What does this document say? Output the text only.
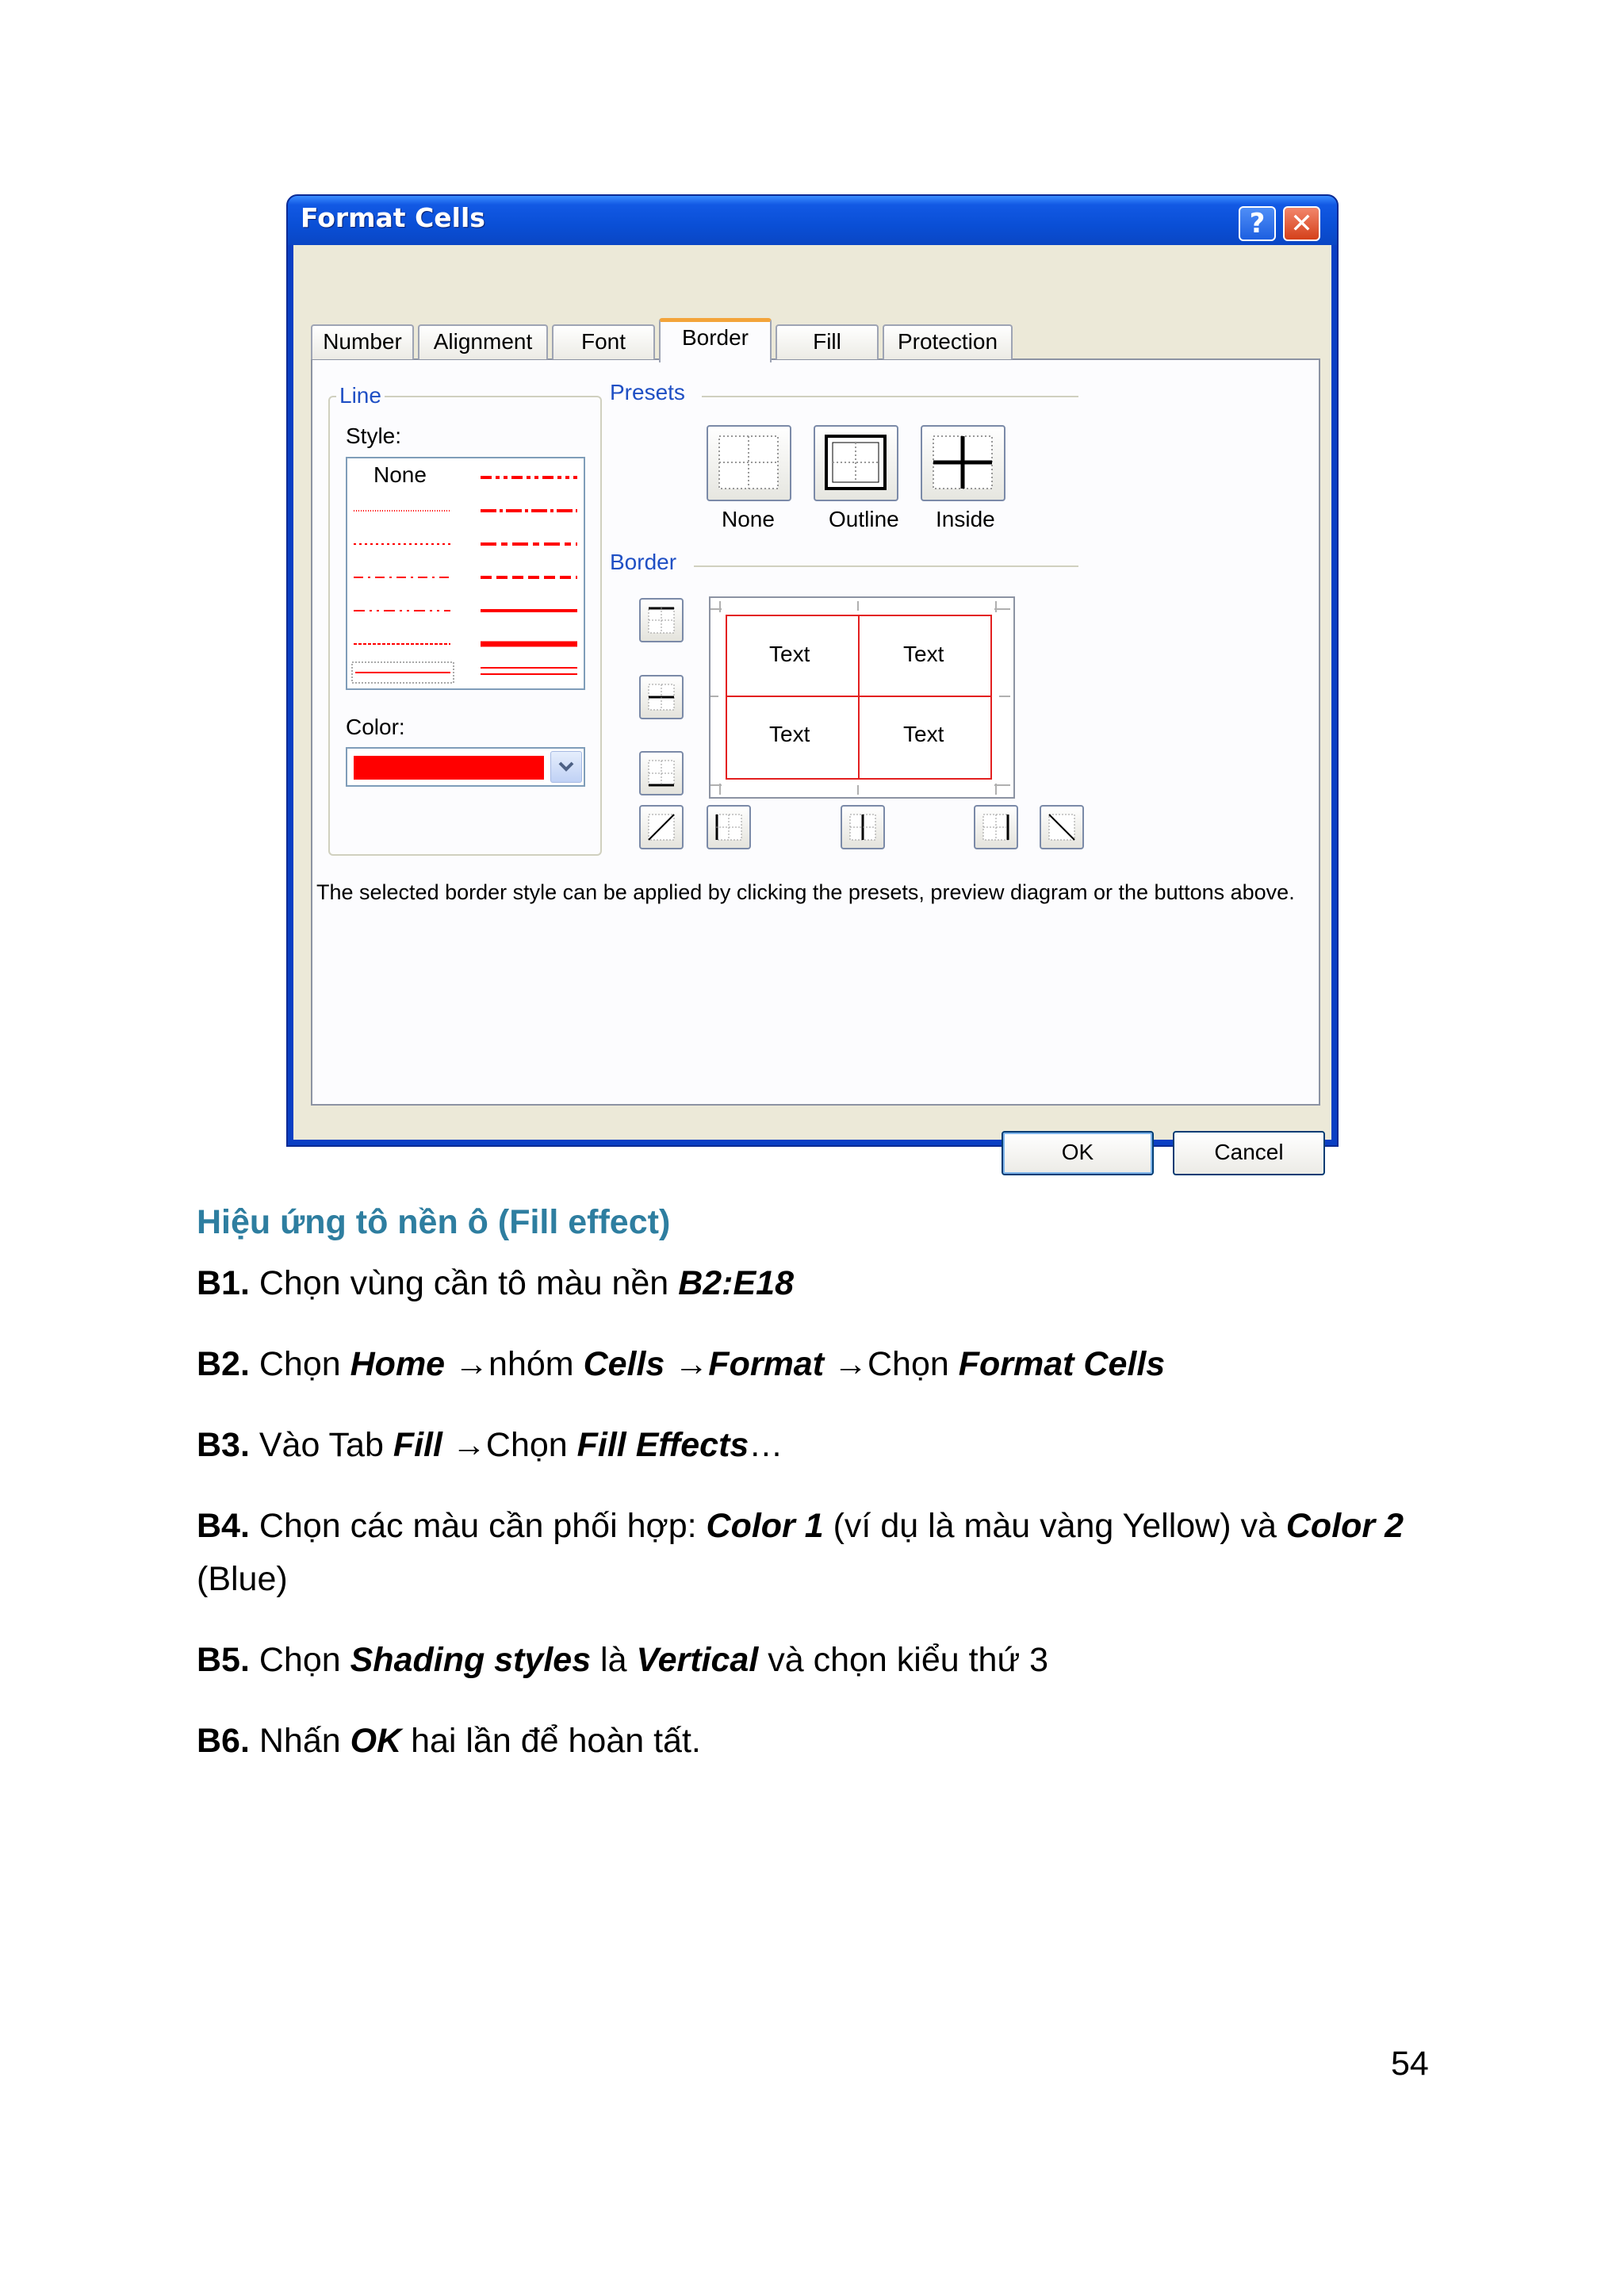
Format Cells	? ✕
Number	Alignment	Font	Border	Fill	Protection
Line
Style:
None
Color:
Presets
None Outline Inside
Border
Text	Text
Text	Text
The selected border style can be applied by clicking the presets, preview diagram or the buttons above.
OK	Cancel
Hiệu ứng tô nền ô (Fill effect)
B1. Chọn vùng cần tô màu nền B2:E18
B2. Chọn Home →nhóm Cells →Format →Chọn Format Cells
B3. Vào Tab Fill →Chọn Fill Effects…
B4. Chọn các màu cần phối hợp: Color 1 (ví dụ là màu vàng Yellow) và Color 2
(Blue)
B5. Chọn Shading styles là Vertical và chọn kiểu thứ 3
B6. Nhấn OK hai lần để hoàn tất.
54
